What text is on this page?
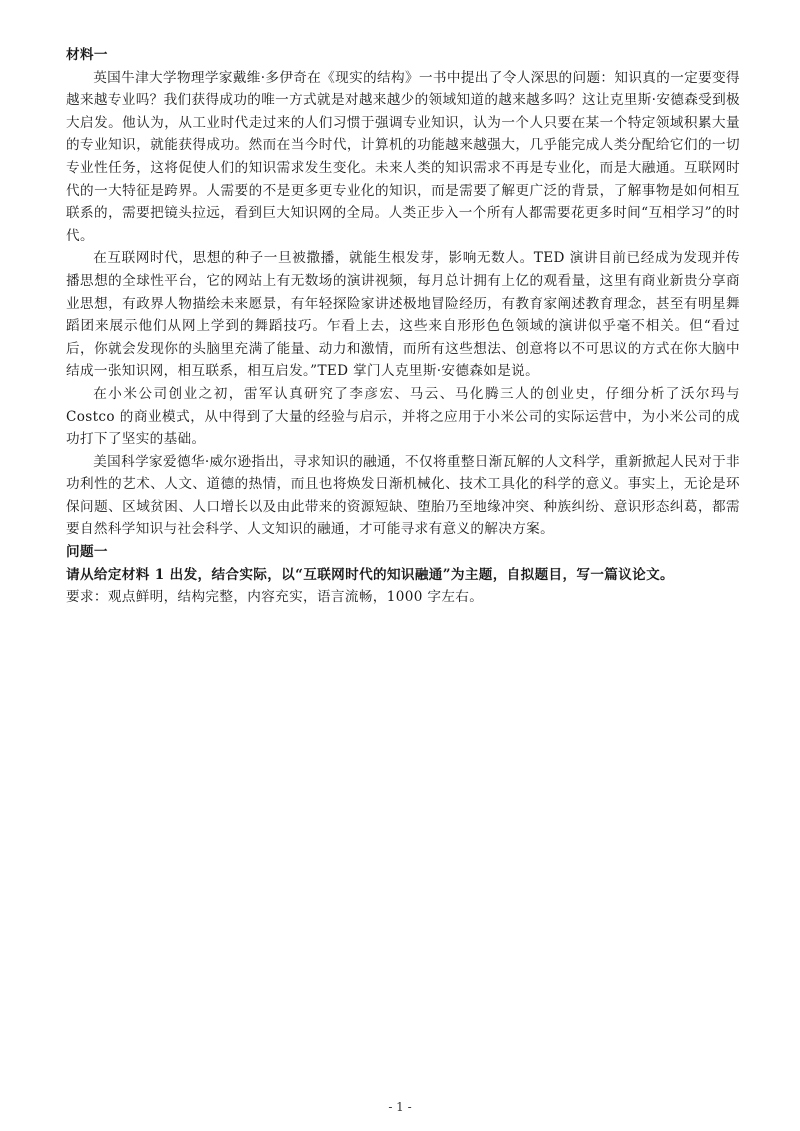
材料一

英国牛津大学物理学家戴维·多伊奇在《现实的结构》一书中提出了令人深思的问题：知识真的一定要变得越来越专业吗？我们获得成功的唯一方式就是对越来越少的领域知道的越来越多吗？这让克里斯·安德森受到极大启发。他认为，从工业时代走过来的人们习惯于强调专业知识，认为一个人只要在某一个特定领域积累大量的专业知识，就能获得成功。然而在当今时代，计算机的功能越来越强大，几乎能完成人类分配给它们的一切专业性任务，这将促使人们的知识需求发生变化。未来人类的知识需求不再是专业化，而是大融通。互联网时代的一大特征是跨界。人需要的不是更多更专业化的知识，而是需要了解更广泛的背景，了解事物是如何相互联系的，需要把镜头拉远，看到巨大知识网的全局。人类正步入一个所有人都需要花更多时间“互相学习”的时代。

在互联网时代，思想的种子一旦被撒播，就能生根发芽，影响无数人。TED 演讲目前已经成为发现并传播思想的全球性平台，它的网站上有无数场的演讲视频，每月总计拥有上亿的观看量，这里有商业新贵分享商业思想，有政界人物描绘未来愿景，有年轻探险家讲述极地冒险经历，有教育家阐述教育理念，甚至有明星舞蹈团来展示他们从网上学到的舞蹈技巧。乍看上去，这些来自形形色色领域的演讲似乎毫不相关。但“看过后，你就会发现你的头脑里充满了能量、动力和激情，而所有这些想法、创意将以不可思议的方式在你大脑中结成一张知识网，相互联系，相互启发。”TED 掌门人克里斯·安德森如是说。

在小米公司创业之初，雷军认真研究了李彦宏、马云、马化腾三人的创业史，仔细分析了沃尔玛与 Costco 的商业模式，从中得到了大量的经验与启示，并将之应用于小米公司的实际运营中，为小米公司的成功打下了坚实的基础。

美国科学家爱德华·威尔逊指出，寻求知识的融通，不仅将重整日渐瓦解的人文科学，重新掀起人民对于非功利性的艺术、人文、道德的热情，而且也将焕发日渐机械化、技术工具化的科学的意义。事实上，无论是环保问题、区域贫困、人口增长以及由此带来的资源短缺、堕胎乃至地缘冲突、种族纠纷、意识形态纠葛，都需要自然科学知识与社会科学、人文知识的融通，才可能寻求有意义的解决方案。

问题一

请从给定材料 1 出发，结合实际，以“互联网时代的知识融通”为主题，自拟题目，写一篇议论文。

要求：观点鲜明，结构完整，内容充实，语言流畅，1000 字左右。

- 1 -
